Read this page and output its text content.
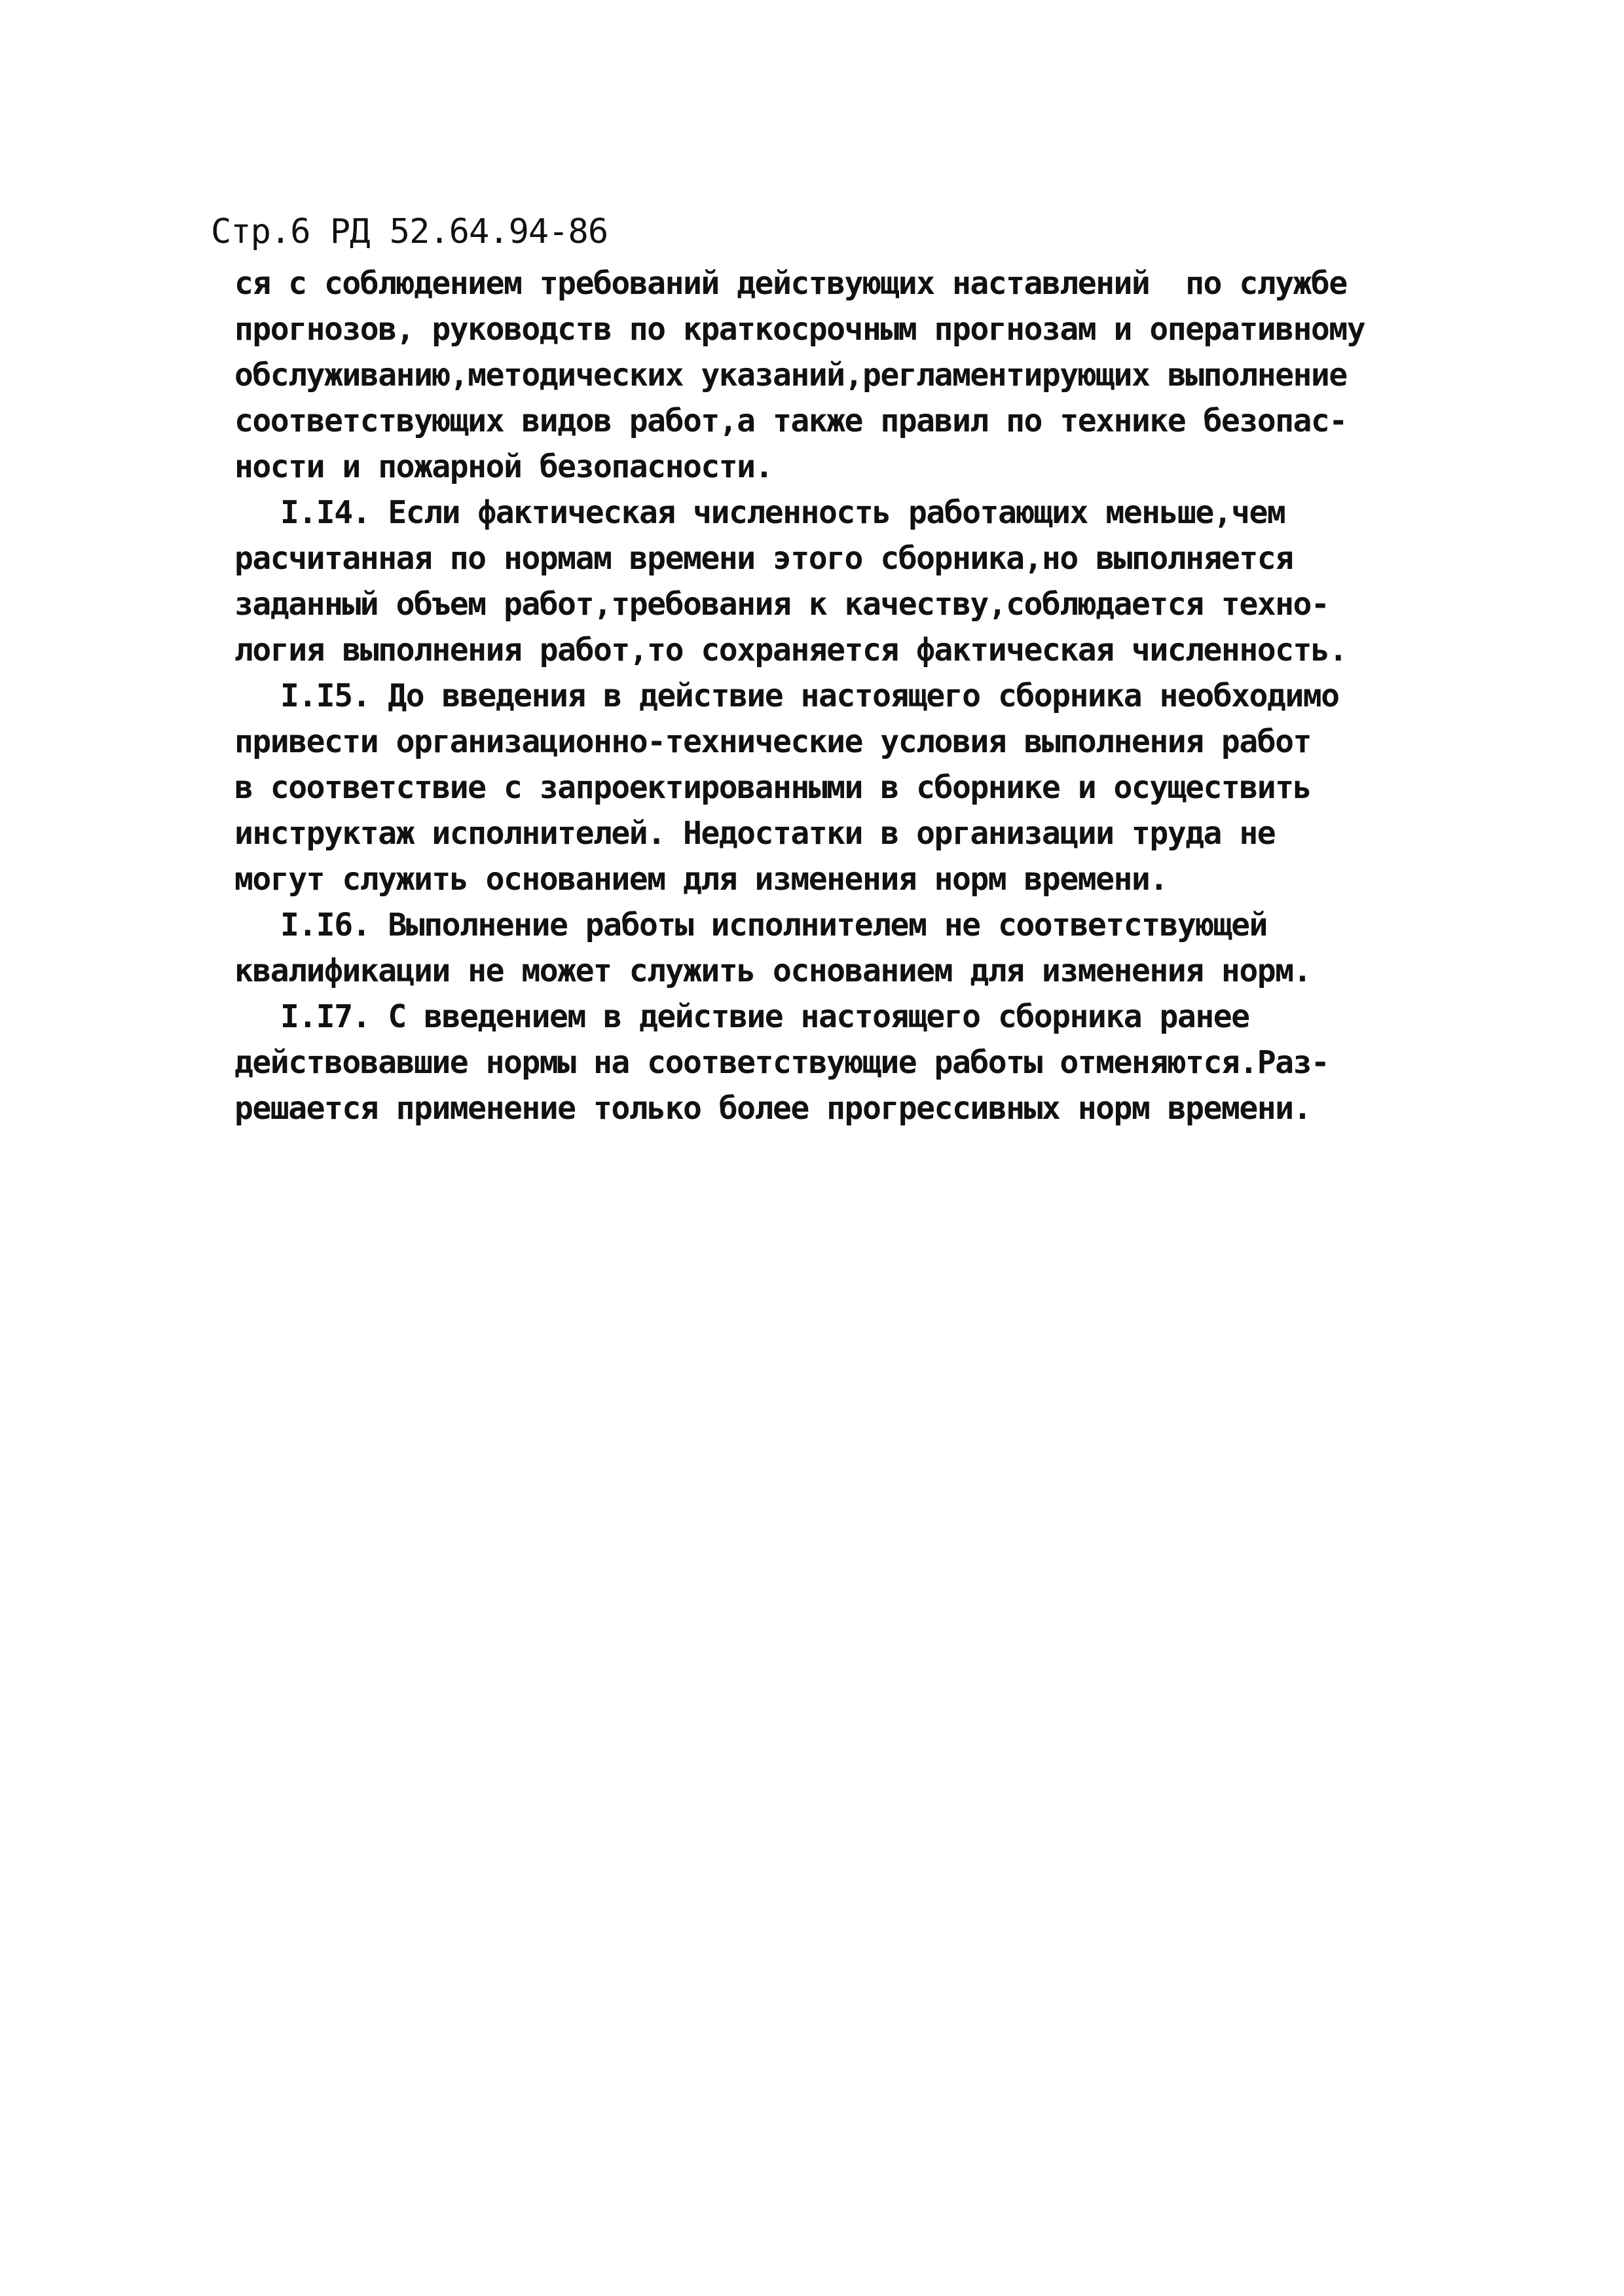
Стр.6 РД 52.64.94-86
ся с соблюдением требований действующих наставлений  по службе
прогнозов, руководств по краткосрочным прогнозам и оперативному
обслуживанию,методических указаний,регламентирующих выполнение
соответствующих видов работ,а также правил по технике безопас-
ности и пожарной безопасности.
I.I4. Если фактическая численность работающих меньше,чем
расчитанная по нормам времени этого сборника,но выполняется
заданный объем работ,требования к качеству,соблюдается техно-
логия выполнения работ,то сохраняется фактическая численность.
I.I5. До введения в действие настоящего сборника необходимо
привести организационно-технические условия выполнения работ
в соответствие с запроектированными в сборнике и осуществить
инструктаж исполнителей. Недостатки в организации труда не
могут служить основанием для изменения норм времени.
I.I6. Выполнение работы исполнителем не соответствующей
квалификации не может служить основанием для изменения норм.
I.I7. С введением в действие настоящего сборника ранее
действовавшие нормы на соответствующие работы отменяются.Раз-
решается применение только более прогрессивных норм времени.
